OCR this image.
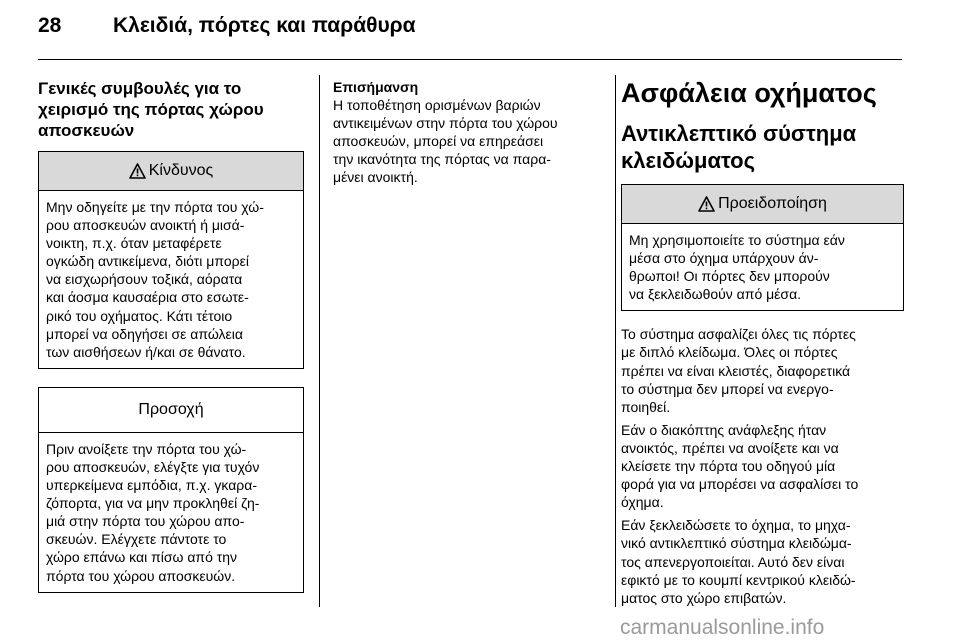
28 Κλειδιά, πόρτες και παράθυρα
Γενικές συμβουλές για το
χειρισμό της πόρτας χώρου
αποσκευών
Κίνδυνος
Μην οδηγείτε με την πόρτα του χώ-
ρου αποσκευών ανοικτή ή μισά-
νοικτη, π.χ. όταν μεταφέρετε
ογκώδη αντικείμενα, διότι μπορεί
να εισχωρήσουν τοξικά, αόρατα
και άοσμα καυσαέρια στο εσωτε-
ρικό του οχήματος. Κάτι τέτοιο
μπορεί να οδηγήσει σε απώλεια
των αισθήσεων ή/και σε θάνατο.
Προσοχή
Πριν ανοίξετε την πόρτα του χώ-
ρου αποσκευών, ελέγξτε για τυχόν
υπερκείμενα εμπόδια, π.χ. γκαρα-
ζόπορτα, για να μην προκληθεί ζη-
μιά στην πόρτα του χώρου απο-
σκευών. Ελέγχετε πάντοτε το
χώρο επάνω και πίσω από την
πόρτα του χώρου αποσκευών.

Επισήμανση

Η τοποθέτηση ορισμένων βαριών
αντικειμένων στην πόρτα του χώρου
αποσκευών, μπορεί να επηρεάσει
την ικανότητα της πόρτας να παρα-
μένει ανοικτή.

Ασφάλεια οχήματος
Αντικλεπτικό σύστημα
κλειδώματος
Προειδοποίηση
Μη χρησιμοποιείτε το σύστημα εάν
μέσα στο όχημα υπάρχουν άν-
θρωποι! Οι πόρτες δεν μπορούν
να ξεκλειδωθούν από μέσα.

Το σύστημα ασφαλίζει όλες τις πόρτες
με διπλό κλείδωμα. Όλες οι πόρτες
πρέπει να είναι κλειστές, διαφορετικά
το σύστημα δεν μπορεί να ενεργο-
ποιηθεί.

Εάν ο διακόπτης ανάφλεξης ήταν
ανοικτός, πρέπει να ανοίξετε και να
κλείσετε την πόρτα του οδηγού μία
φορά για να μπορέσει να ασφαλίσει το
όχημα.

Εάν ξεκλειδώσετε το όχημα, το μηχα-
νικό αντικλεπτικό σύστημα κλειδώμα-
τος απενεργοποιείται. Αυτό δεν είναι
εφικτό με το κουμπί κεντρικού κλειδώ-
ματος στο χώρο επιβατών.

carmanualsonline.info
